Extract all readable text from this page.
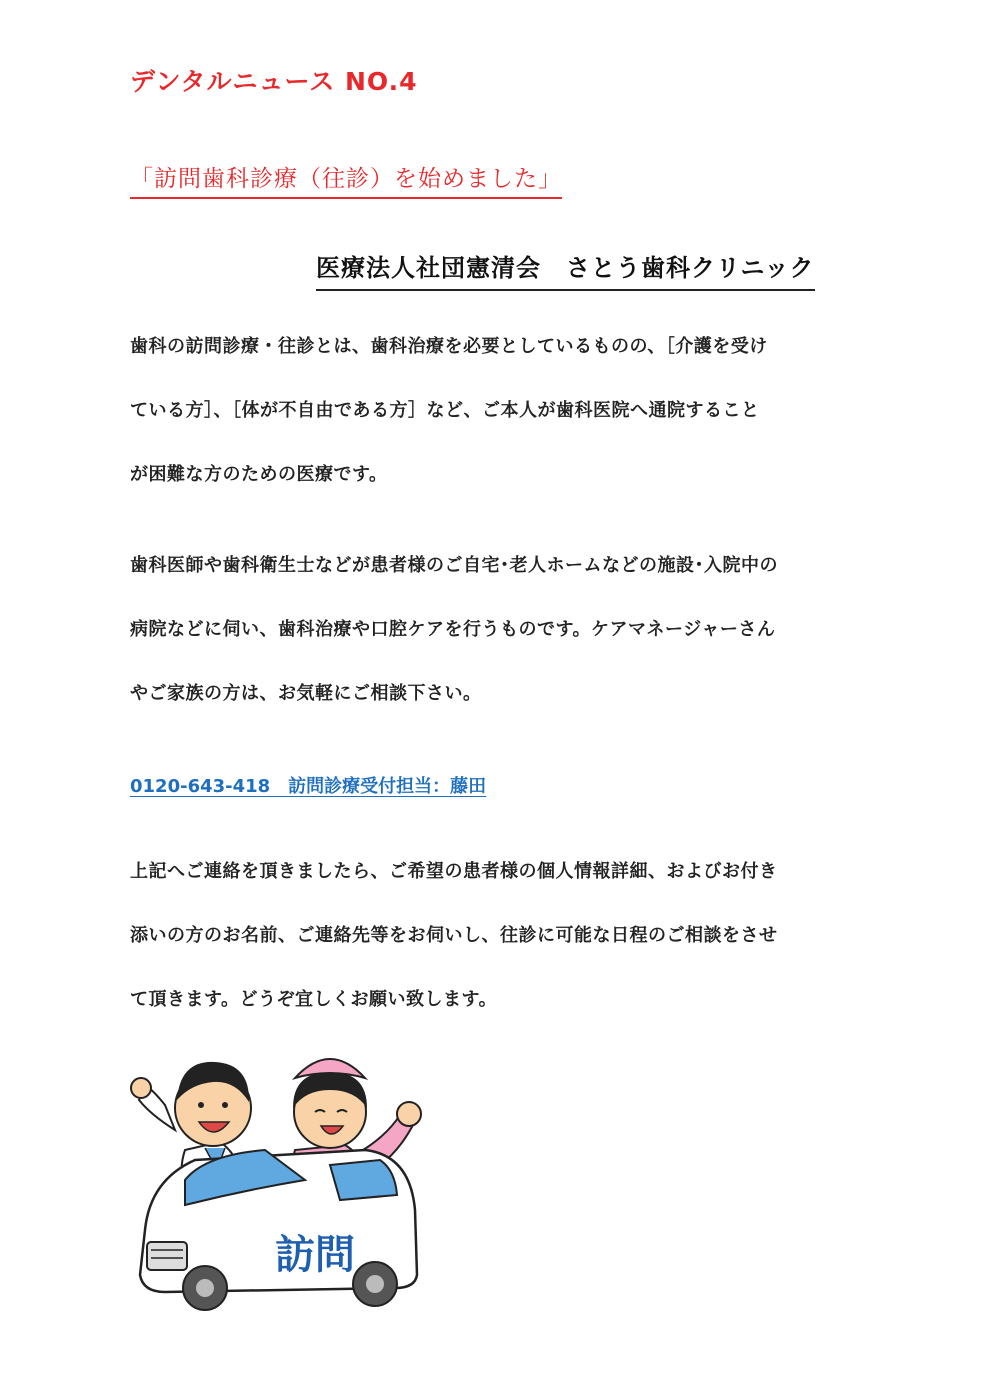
デンタルニュース NO.4
「訪問歯科診療（往診）を始めました」
医療法人社団憲清会　さとう歯科クリニック
歯科の訪問診療・往診とは、歯科治療を必要としているものの、［介護を受け
ている方］、［体が不自由である方］など、ご本人が歯科医院へ通院すること
が困難な方のための医療です。
歯科医師や歯科衛生士などが患者様のご自宅･老人ホームなどの施設･入院中の
病院などに伺い、歯科治療や口腔ケアを行うものです。ケアマネージャーさん
やご家族の方は、お気軽にご相談下さい。
0120-643-418　訪問診療受付担当：藤田
上記へご連絡を頂きましたら、ご希望の患者様の個人情報詳細、およびお付き
添いの方のお名前、ご連絡先等をお伺いし、往診に可能な日程のご相談をさせ
て頂きます。どうぞ宜しくお願い致します。
訪問
